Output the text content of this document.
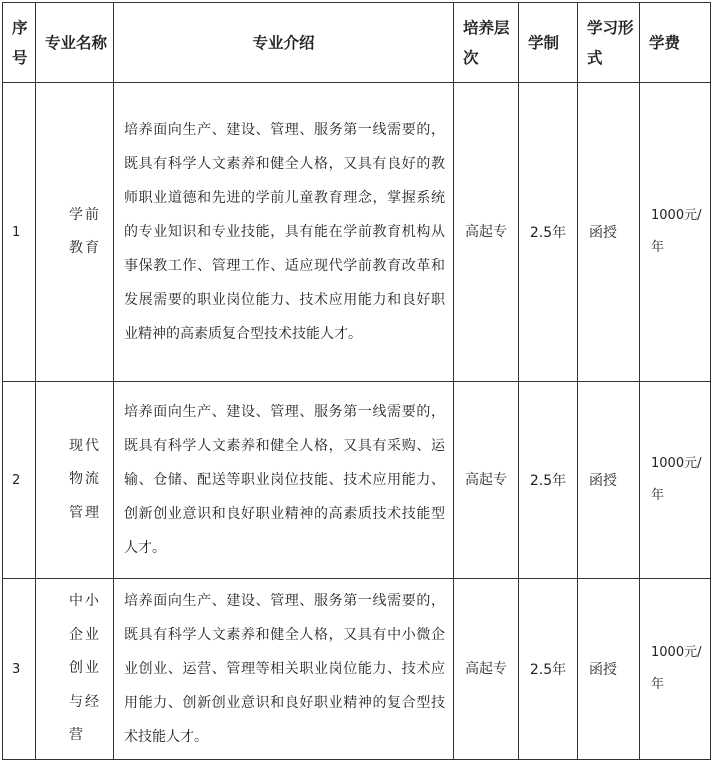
序号	专业名称	专业介绍	培养层次	学制	学习形式	学费
1	学前教育	培养面向生产、建设、管理、服务第一线需要的，既具有科学人文素养和健全人格，又具有良好的教师职业道德和先进的学前儿童教育理念，掌握系统的专业知识和专业技能，具有能在学前教育机构从事保教工作、管理工作、适应现代学前教育改革和发展需要的职业岗位能力、技术应用能力和良好职业精神的高素质复合型技术技能人才。	高起专	2.5年	函授	1000元/年
2	现代物流管理	培养面向生产、建设、管理、服务第一线需要的，既具有科学人文素养和健全人格，又具有采购、运输、仓储、配送等职业岗位技能、技术应用能力、创新创业意识和良好职业精神的高素质技术技能型人才。	高起专	2.5年	函授	1000元/年
3	中小企业创业与经营	培养面向生产、建设、管理、服务第一线需要的，既具有科学人文素养和健全人格，又具有中小微企业创业、运营、管理等相关职业岗位能力、技术应用能力、创新创业意识和良好职业精神的复合型技术技能人才。	高起专	2.5年	函授	1000元/年
